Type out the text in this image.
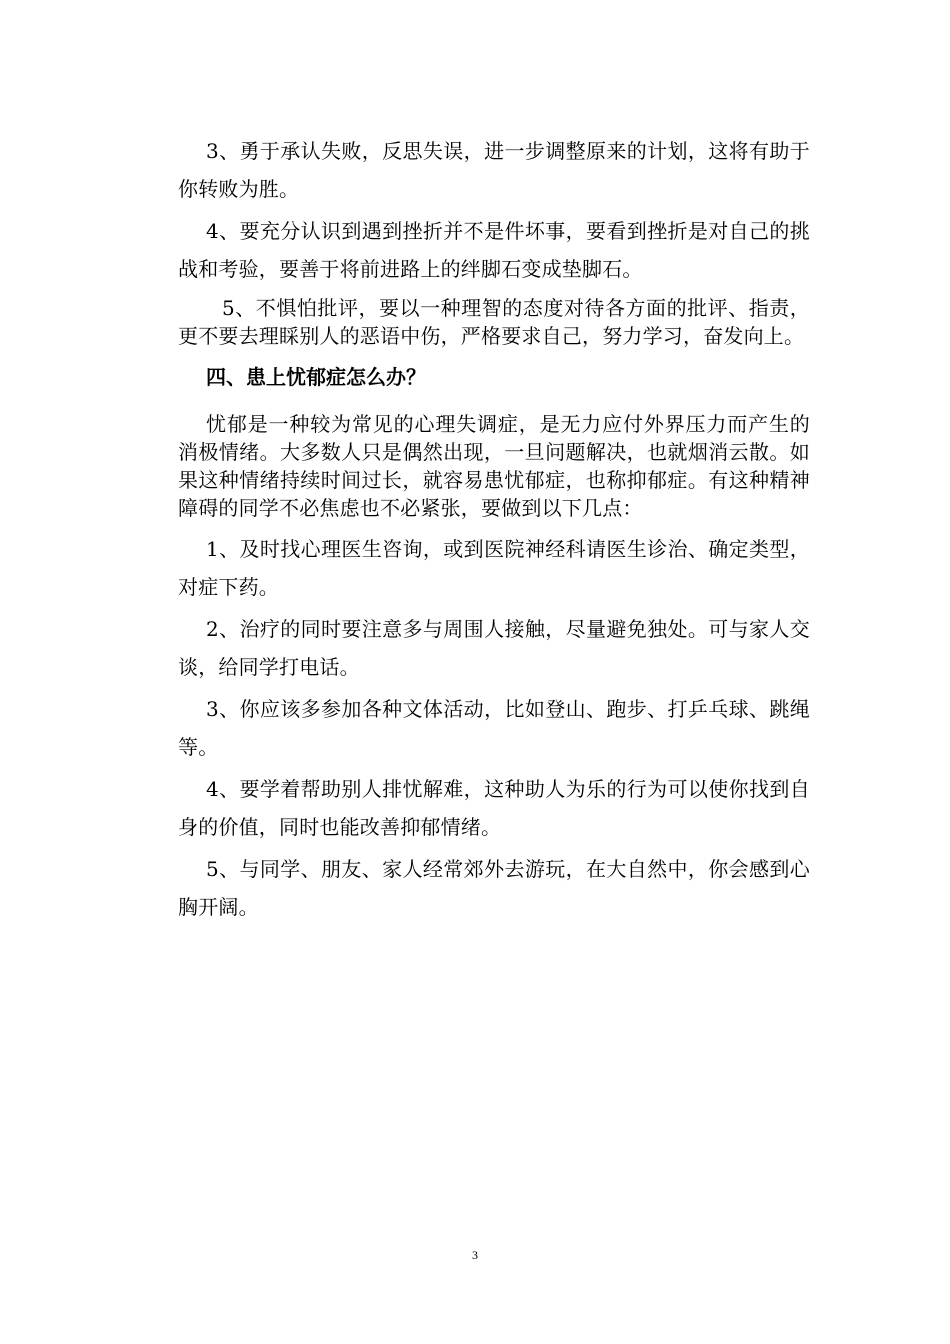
3、勇于承认失败，反思失误，进一步调整原来的计划，这将有助于你转败为胜。

4、要充分认识到遇到挫折并不是件坏事，要看到挫折是对自己的挑战和考验，要善于将前进路上的绊脚石变成垫脚石。

5、不惧怕批评，要以一种理智的态度对待各方面的批评、指责，更不要去理睬别人的恶语中伤，严格要求自己，努力学习，奋发向上。

四、患上忧郁症怎么办？

忧郁是一种较为常见的心理失调症，是无力应付外界压力而产生的消极情绪。大多数人只是偶然出现，一旦问题解决，也就烟消云散。如果这种情绪持续时间过长，就容易患忧郁症，也称抑郁症。有这种精神障碍的同学不必焦虑也不必紧张，要做到以下几点：

1、及时找心理医生咨询，或到医院神经科请医生诊治、确定类型，对症下药。

2、治疗的同时要注意多与周围人接触，尽量避免独处。可与家人交谈，给同学打电话。

3、你应该多参加各种文体活动，比如登山、跑步、打乒乓球、跳绳等。

4、要学着帮助别人排忧解难，这种助人为乐的行为可以使你找到自身的价值，同时也能改善抑郁情绪。

5、与同学、朋友、家人经常郊外去游玩，在大自然中，你会感到心胸开阔。

3
